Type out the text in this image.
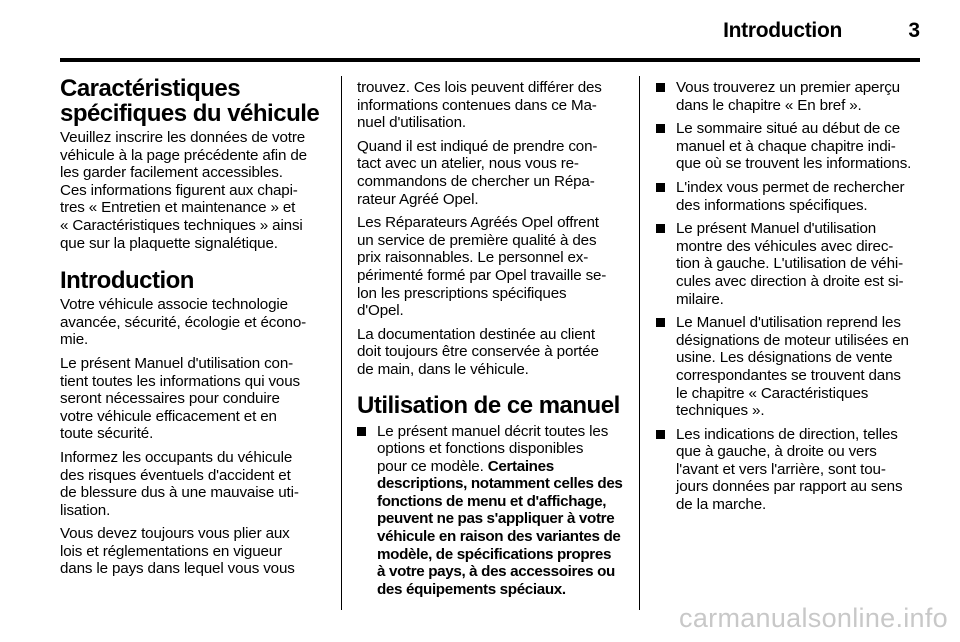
Introduction	3
Caractéristiques
spécifiques du véhicule
Veuillez inscrire les données de votre
véhicule à la page précédente afin de
les garder facilement accessibles.
Ces informations figurent aux chapi-
tres « Entretien et maintenance » et
« Caractéristiques techniques » ainsi
que sur la plaquette signalétique.
Introduction
Votre véhicule associe technologie
avancée, sécurité, écologie et écono-
mie.
Le présent Manuel d'utilisation con-
tient toutes les informations qui vous
seront nécessaires pour conduire
votre véhicule efficacement et en
toute sécurité.
Informez les occupants du véhicule
des risques éventuels d'accident et
de blessure dus à une mauvaise uti-
lisation.
Vous devez toujours vous plier aux
lois et réglementations en vigueur
dans le pays dans lequel vous vous
trouvez. Ces lois peuvent différer des
informations contenues dans ce Ma-
nuel d'utilisation.
Quand il est indiqué de prendre con-
tact avec un atelier, nous vous re-
commandons de chercher un Répa-
rateur Agréé Opel.
Les Réparateurs Agréés Opel offrent
un service de première qualité à des
prix raisonnables. Le personnel ex-
périmenté formé par Opel travaille se-
lon les prescriptions spécifiques
d'Opel.
La documentation destinée au client
doit toujours être conservée à portée
de main, dans le véhicule.
Utilisation de ce manuel
Le présent manuel décrit toutes les
options et fonctions disponibles
pour ce modèle. Certaines
descriptions, notamment celles des
fonctions de menu et d'affichage,
peuvent ne pas s'appliquer à votre
véhicule en raison des variantes de
modèle, de spécifications propres
à votre pays, à des accessoires ou
des équipements spéciaux.
Vous trouverez un premier aperçu
dans le chapitre « En bref ».
Le sommaire situé au début de ce
manuel et à chaque chapitre indi-
que où se trouvent les informations.
L'index vous permet de rechercher
des informations spécifiques.
Le présent Manuel d'utilisation
montre des véhicules avec direc-
tion à gauche. L'utilisation de véhi-
cules avec direction à droite est si-
milaire.
Le Manuel d'utilisation reprend les
désignations de moteur utilisées en
usine. Les désignations de vente
correspondantes se trouvent dans
le chapitre « Caractéristiques
techniques ».
Les indications de direction, telles
que à gauche, à droite ou vers
l'avant et vers l'arrière, sont tou-
jours données par rapport au sens
de la marche.
carmanualsonline.info
